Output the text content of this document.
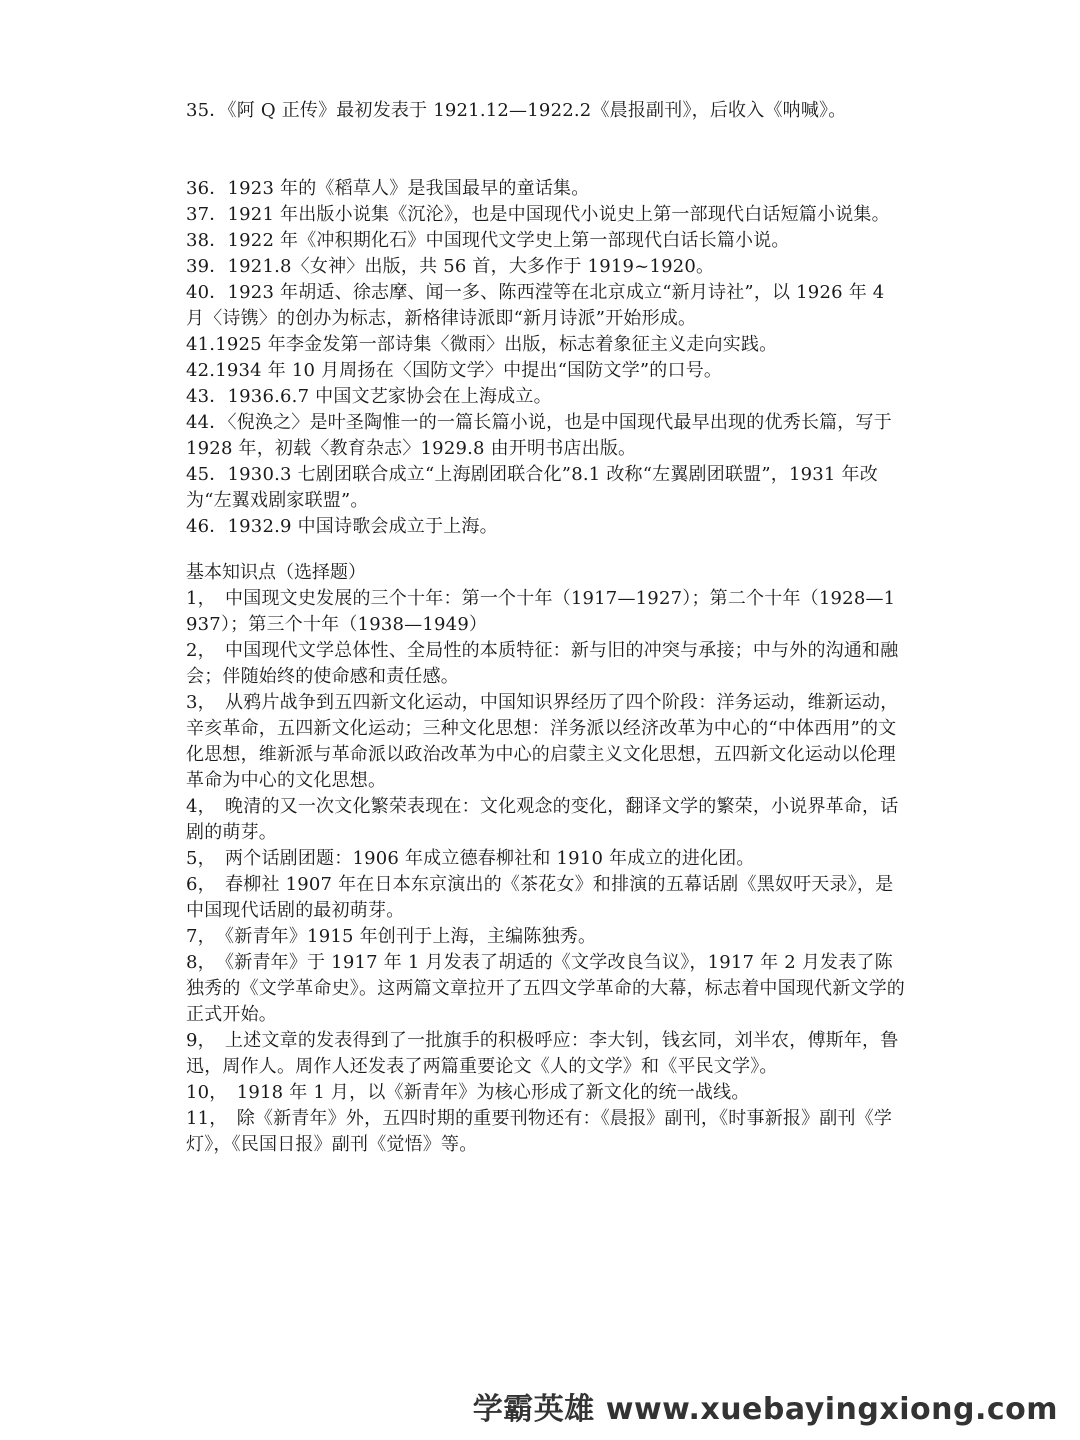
35．《阿 Q 正传》最初发表于 1921.12—1922.2《晨报副刊》，后收入《呐喊》。

36．1923 年的《稻草人》是我国最早的童话集。

37．1921 年出版小说集《沉沦》，也是中国现代小说史上第一部现代白话短篇小说集。

38．1922 年《冲积期化石》中国现代文学史上第一部现代白话长篇小说。

39．1921.8〈女神〉出版，共 56 首，大多作于 1919~1920。

40．1923 年胡适、徐志摩、闻一多、陈西滢等在北京成立“新月诗社”，以 1926 年 4 月〈诗镌〉的创办为标志，新格律诗派即“新月诗派”开始形成。

41.1925 年李金发第一部诗集〈微雨〉出版，标志着象征主义走向实践。

42.1934 年 10 月周扬在〈国防文学〉中提出“国防文学”的口号。

43．1936.6.7 中国文艺家协会在上海成立。

44．〈倪涣之〉是叶圣陶惟一的一篇长篇小说，也是中国现代最早出现的优秀长篇，写于 1928 年，初载〈教育杂志〉1929.8 由开明书店出版。

45．1930.3 七剧团联合成立“上海剧团联合化”8.1 改称“左翼剧团联盟”，1931 年改为“左翼戏剧家联盟”。

46．1932.9 中国诗歌会成立于上海。

基本知识点（选择题）

1，　中国现文史发展的三个十年：第一个十年（1917—1927）；第二个十年（1928—1937）；第三个十年（1938—1949）

2，　中国现代文学总体性、全局性的本质特征：新与旧的冲突与承接；中与外的沟通和融会；伴随始终的使命感和责任感。

3，　从鸦片战争到五四新文化运动，中国知识界经历了四个阶段：洋务运动，维新运动，辛亥革命，五四新文化运动；三种文化思想：洋务派以经济改革为中心的“中体西用”的文化思想，维新派与革命派以政治改革为中心的启蒙主义文化思想，五四新文化运动以伦理革命为中心的文化思想。

4，　晚清的又一次文化繁荣表现在：文化观念的变化，翻译文学的繁荣，小说界革命，话剧的萌芽。

5，　两个话剧团题：1906 年成立德春柳社和 1910 年成立的进化团。

6，　春柳社 1907 年在日本东京演出的《茶花女》和排演的五幕话剧《黑奴吁天录》，是中国现代话剧的最初萌芽。

7，　《新青年》1915 年创刊于上海，主编陈独秀。

8，　《新青年》于 1917 年 1 月发表了胡适的《文学改良刍议》，1917 年 2 月发表了陈独秀的《文学革命史》。这两篇文章拉开了五四文学革命的大幕，标志着中国现代新文学的正式开始。

9，　上述文章的发表得到了一批旗手的积极呼应：李大钊，钱玄同，刘半农，傅斯年，鲁迅，周作人。周作人还发表了两篇重要论文《人的文学》和《平民文学》。

10，　1918 年 1 月，以《新青年》为核心形成了新文化的统一战线。

11，　除《新青年》外，五四时期的重要刊物还有：《晨报》副刊，《时事新报》副刊《学灯》，《民国日报》副刊《觉悟》等。

学霸英雄 www.xuebayingxiong.com
